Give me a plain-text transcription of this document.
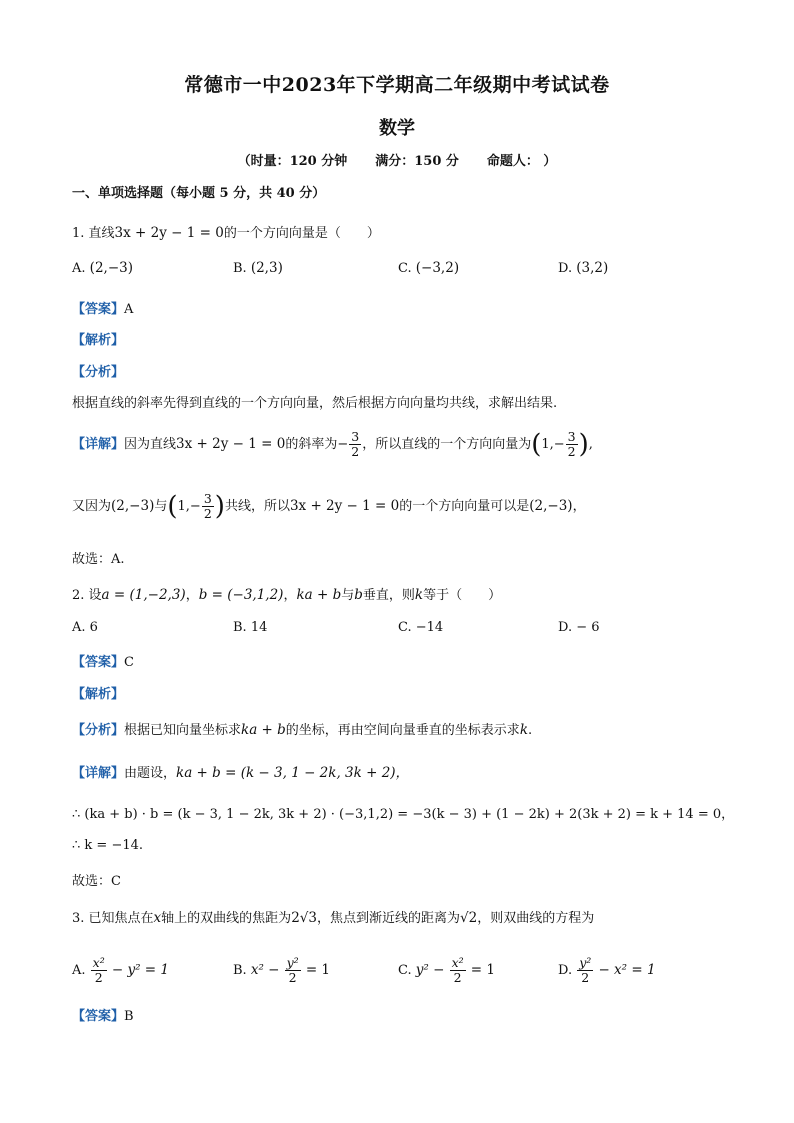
常德市一中2023年下学期高二年级期中考试试卷
数学
（时量：120 分钟 满分：150 分 命题人： ）
一、单项选择题（每小题 5 分，共 40 分）
1. 直线3x + 2y − 1 = 0的一个方向向量是（　　）
A. (2,−3)	B. (2,3)	C. (−3,2)	D. (3,2)
【答案】A
【解析】
【分析】
根据直线的斜率先得到直线的一个方向向量，然后根据方向向量均共线，求解出结果.
【详解】因为直线3x + 2y − 1 = 0的斜率为− $\frac{3}{2}$ ，所以直线的一个方向向量为($1,- \frac{3}{2}$ ),
又因为(2,−3)与($1,- \frac{3}{2}$ )共线，所以3x + 2y − 1 = 0的一个方向向量可以是(2,−3)，
故选：A.
2. 设a = (1,−2,3)，b = (−3,1,2)，ka + b与b垂直，则k等于（　　）
A. 6	B. 14	C. −14	D. − 6
【答案】C
【解析】
【分析】根据已知向量坐标求ka + b的坐标，再由空间向量垂直的坐标表示求k.
【详解】由题设，ka + b = (k − 3, 1 − 2k, 3k + 2)，
∴ (ka + b) · b = (k − 3, 1 − 2k, 3k + 2) · (−3,1,2) = −3(k − 3) + (1 − 2k) + 2(3k + 2) = k + 14 = 0，
∴ k = −14.
故选：C
3. 已知焦点在x轴上的双曲线的焦距为2√3，焦点到渐近线的距离为√2，则双曲线的方程为
A. $\frac{\text{x²}}{2} - y^2 = 1$	B. $x^2 - \frac{\text{y²}}{2} = 1$	C. $y^2 - \frac{\text{x²}}{2} = 1$	D. $\frac{\text{y²}}{2} - x^2 = 1$
【答案】B
